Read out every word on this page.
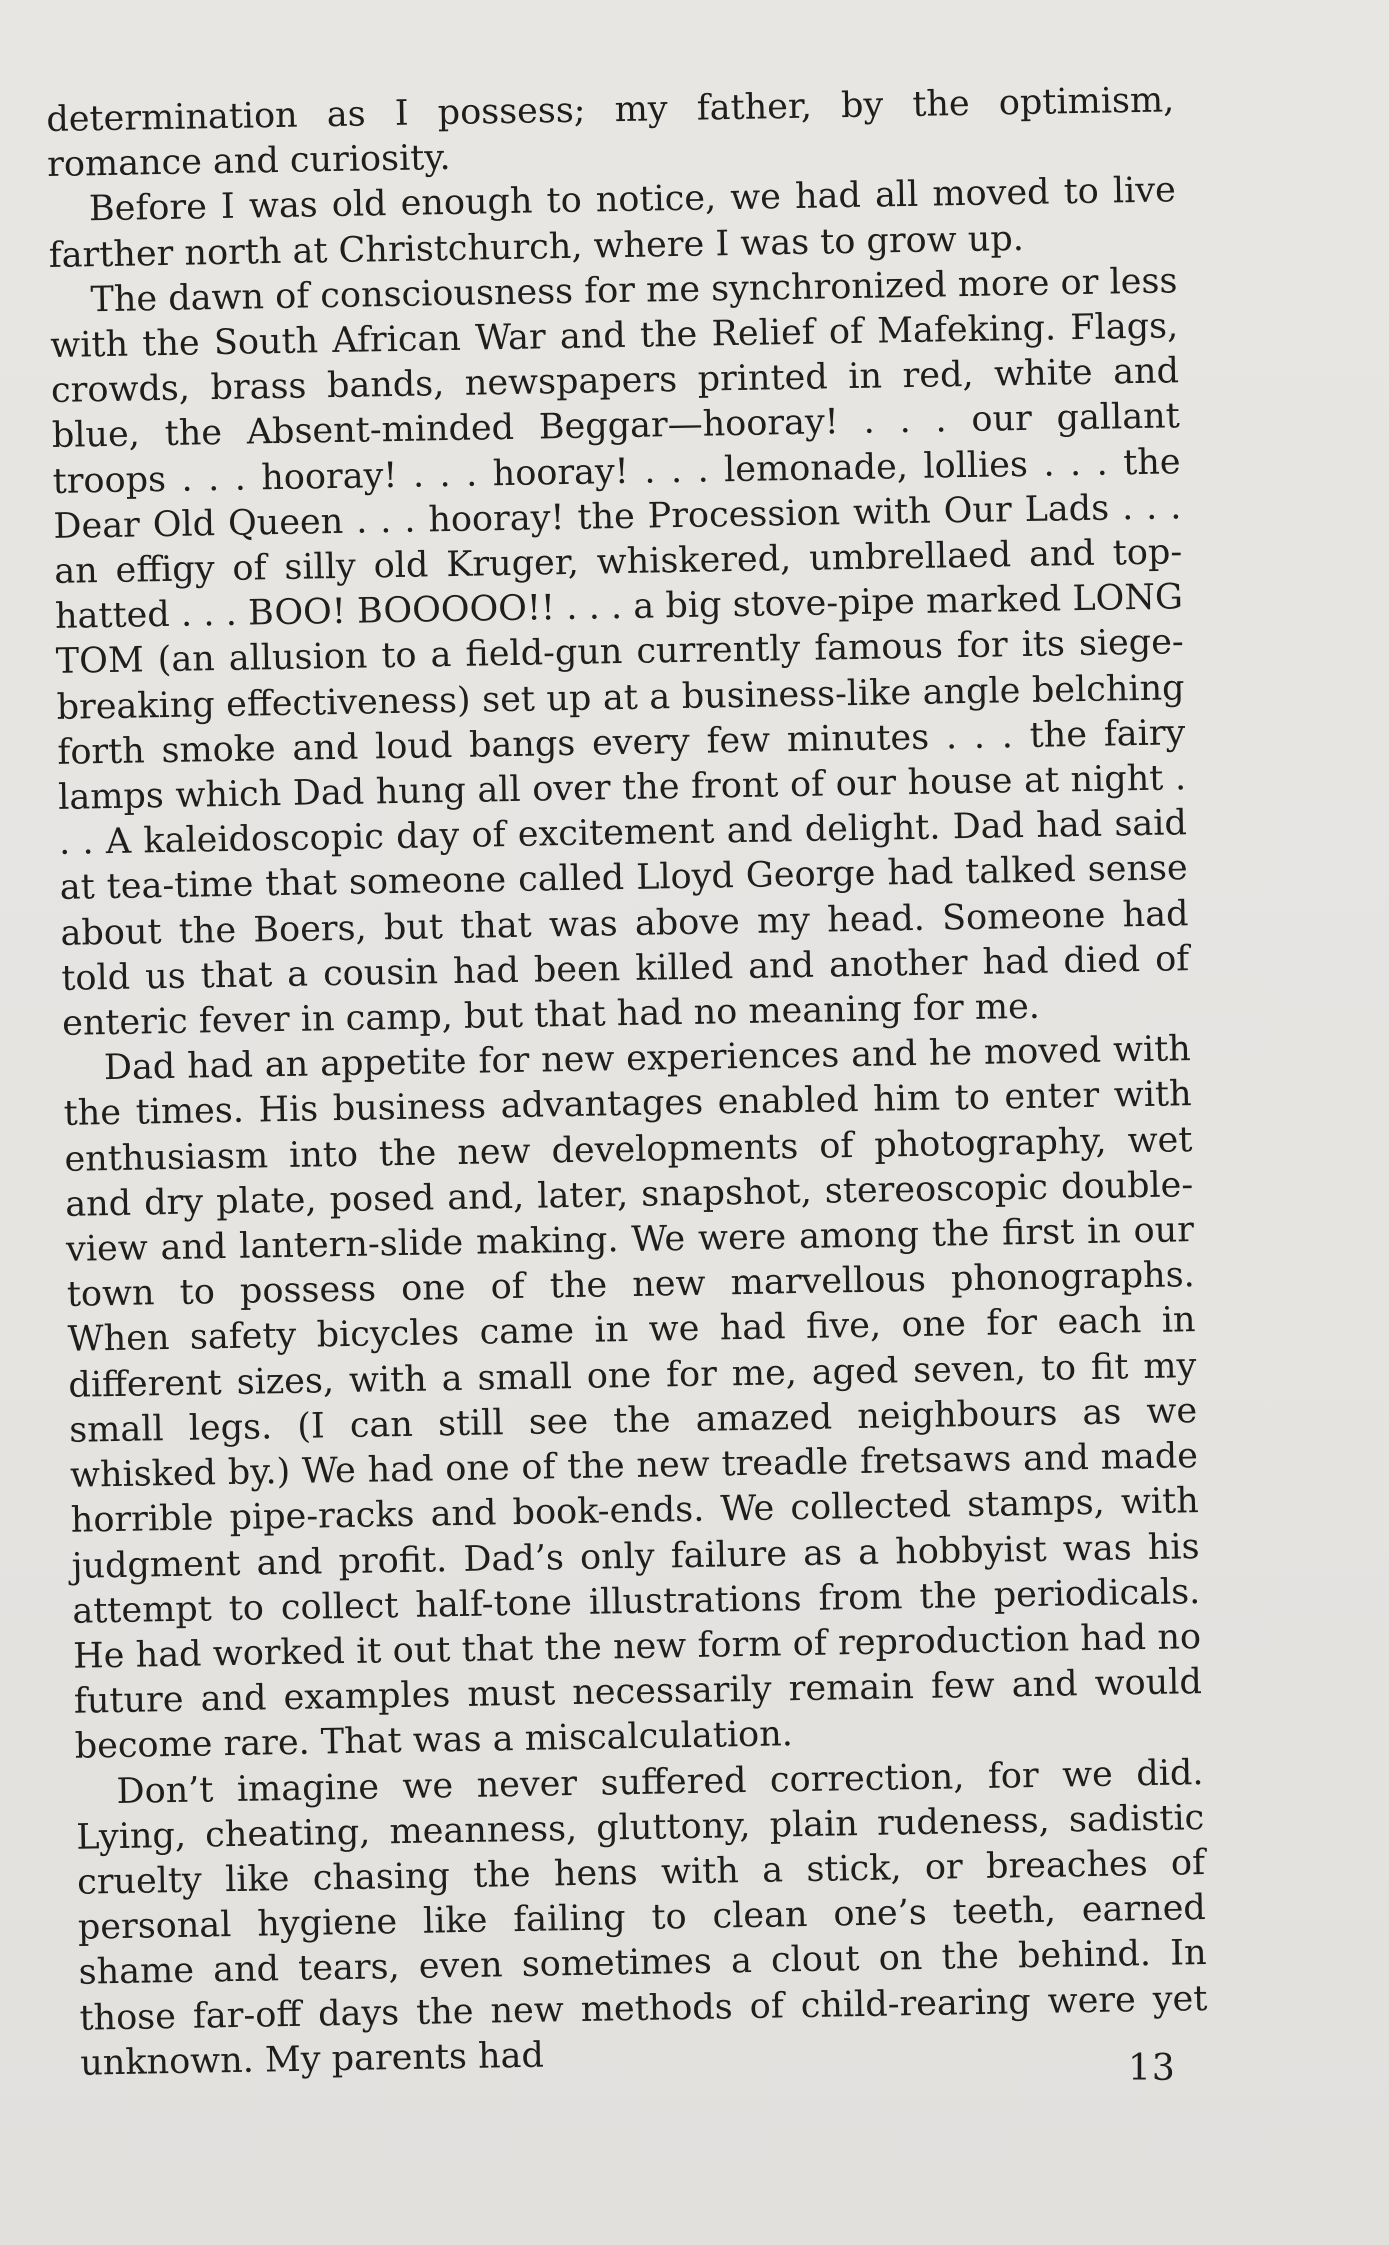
determination as I possess; my father, by the optimism, romance and curiosity.

Before I was old enough to notice, we had all moved to live farther north at Christchurch, where I was to grow up.

The dawn of consciousness for me synchronized more or less with the South African War and the Relief of Mafeking. Flags, crowds, brass bands, newspapers printed in red, white and blue, the Absent-minded Beggar—hooray! . . . our gallant troops . . . hooray! . . . hooray! . . . lemonade, lollies . . . the Dear Old Queen . . . hooray! the Procession with Our Lads . . . an effigy of silly old Kruger, whiskered, umbrellaed and top-hatted . . . BOO! BOOOOO!! . . . a big stove-pipe marked LONG TOM (an allusion to a field-gun currently famous for its siege-breaking effectiveness) set up at a business-like angle belching forth smoke and loud bangs every few minutes . . . the fairy lamps which Dad hung all over the front of our house at night . . . A kaleidoscopic day of excitement and delight. Dad had said at tea-time that someone called Lloyd George had talked sense about the Boers, but that was above my head. Someone had told us that a cousin had been killed and another had died of enteric fever in camp, but that had no meaning for me.

Dad had an appetite for new experiences and he moved with the times. His business advantages enabled him to enter with enthusiasm into the new developments of photography, wet and dry plate, posed and, later, snapshot, stereoscopic double-view and lantern-slide making. We were among the first in our town to possess one of the new marvellous phonographs. When safety bicycles came in we had five, one for each in different sizes, with a small one for me, aged seven, to fit my small legs. (I can still see the amazed neighbours as we whisked by.) We had one of the new treadle fretsaws and made horrible pipe-racks and book-ends. We collected stamps, with judgment and profit. Dad’s only failure as a hobbyist was his attempt to collect half-tone illustrations from the periodicals. He had worked it out that the new form of reproduction had no future and examples must necessarily remain few and would become rare. That was a miscalculation.

Don’t imagine we never suffered correction, for we did. Lying, cheating, meanness, gluttony, plain rudeness, sadistic cruelty like chasing the hens with a stick, or breaches of personal hygiene like failing to clean one’s teeth, earned shame and tears, even sometimes a clout on the behind. In those far-off days the new methods of child-rearing were yet unknown. My parents had	13
